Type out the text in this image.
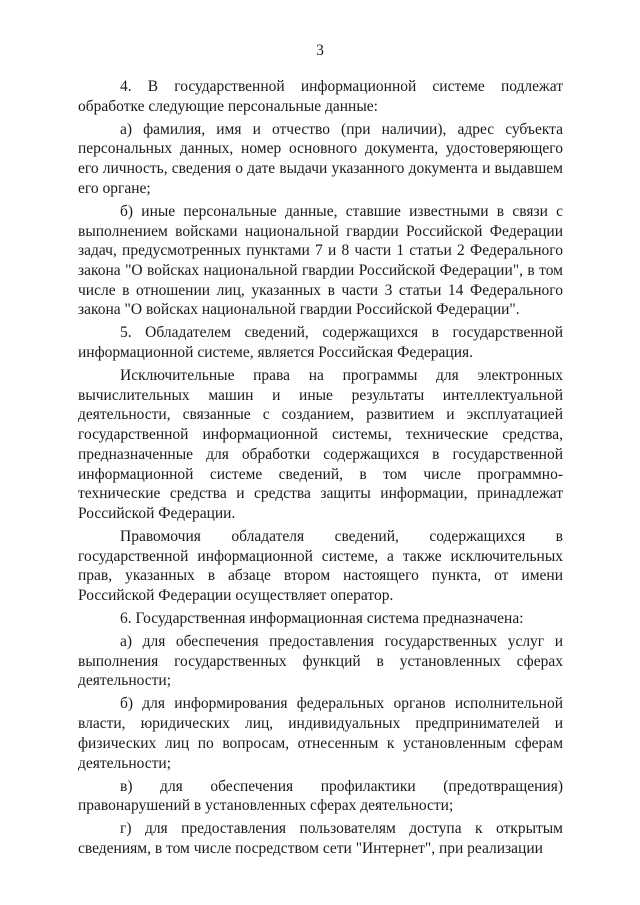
3

4. В государственной информационной системе подлежат обработке следующие персональные данные:

а) фамилия, имя и отчество (при наличии), адрес субъекта персональных данных, номер основного документа, удостоверяющего его личность, сведения о дате выдачи указанного документа и выдавшем его органе;

б) иные персональные данные, ставшие известными в связи с выполнением войсками национальной гвардии Российской Федерации задач, предусмотренных пунктами 7 и 8 части 1 статьи 2 Федерального закона "О войсках национальной гвардии Российской Федерации", в том числе в отношении лиц, указанных в части 3 статьи 14 Федерального закона "О войсках национальной гвардии Российской Федерации".

5. Обладателем сведений, содержащихся в государственной информационной системе, является Российская Федерация.

Исключительные права на программы для электронных вычислительных машин и иные результаты интеллектуальной деятельности, связанные с созданием, развитием и эксплуатацией государственной информационной системы, технические средства, предназначенные для обработки содержащихся в государственной информационной системе сведений, в том числе программно-технические средства и средства защиты информации, принадлежат Российской Федерации.

Правомочия обладателя сведений, содержащихся в государственной информационной системе, а также исключительных прав, указанных в абзаце втором настоящего пункта, от имени Российской Федерации осуществляет оператор.

6. Государственная информационная система предназначена:

а) для обеспечения предоставления государственных услуг и выполнения государственных функций в установленных сферах деятельности;

б) для информирования федеральных органов исполнительной власти, юридических лиц, индивидуальных предпринимателей и физических лиц по вопросам, отнесенным к установленным сферам деятельности;

в) для обеспечения профилактики (предотвращения) правонарушений в установленных сферах деятельности;

г) для предоставления пользователям доступа к открытым сведениям, в том числе посредством сети "Интернет", при реализации
